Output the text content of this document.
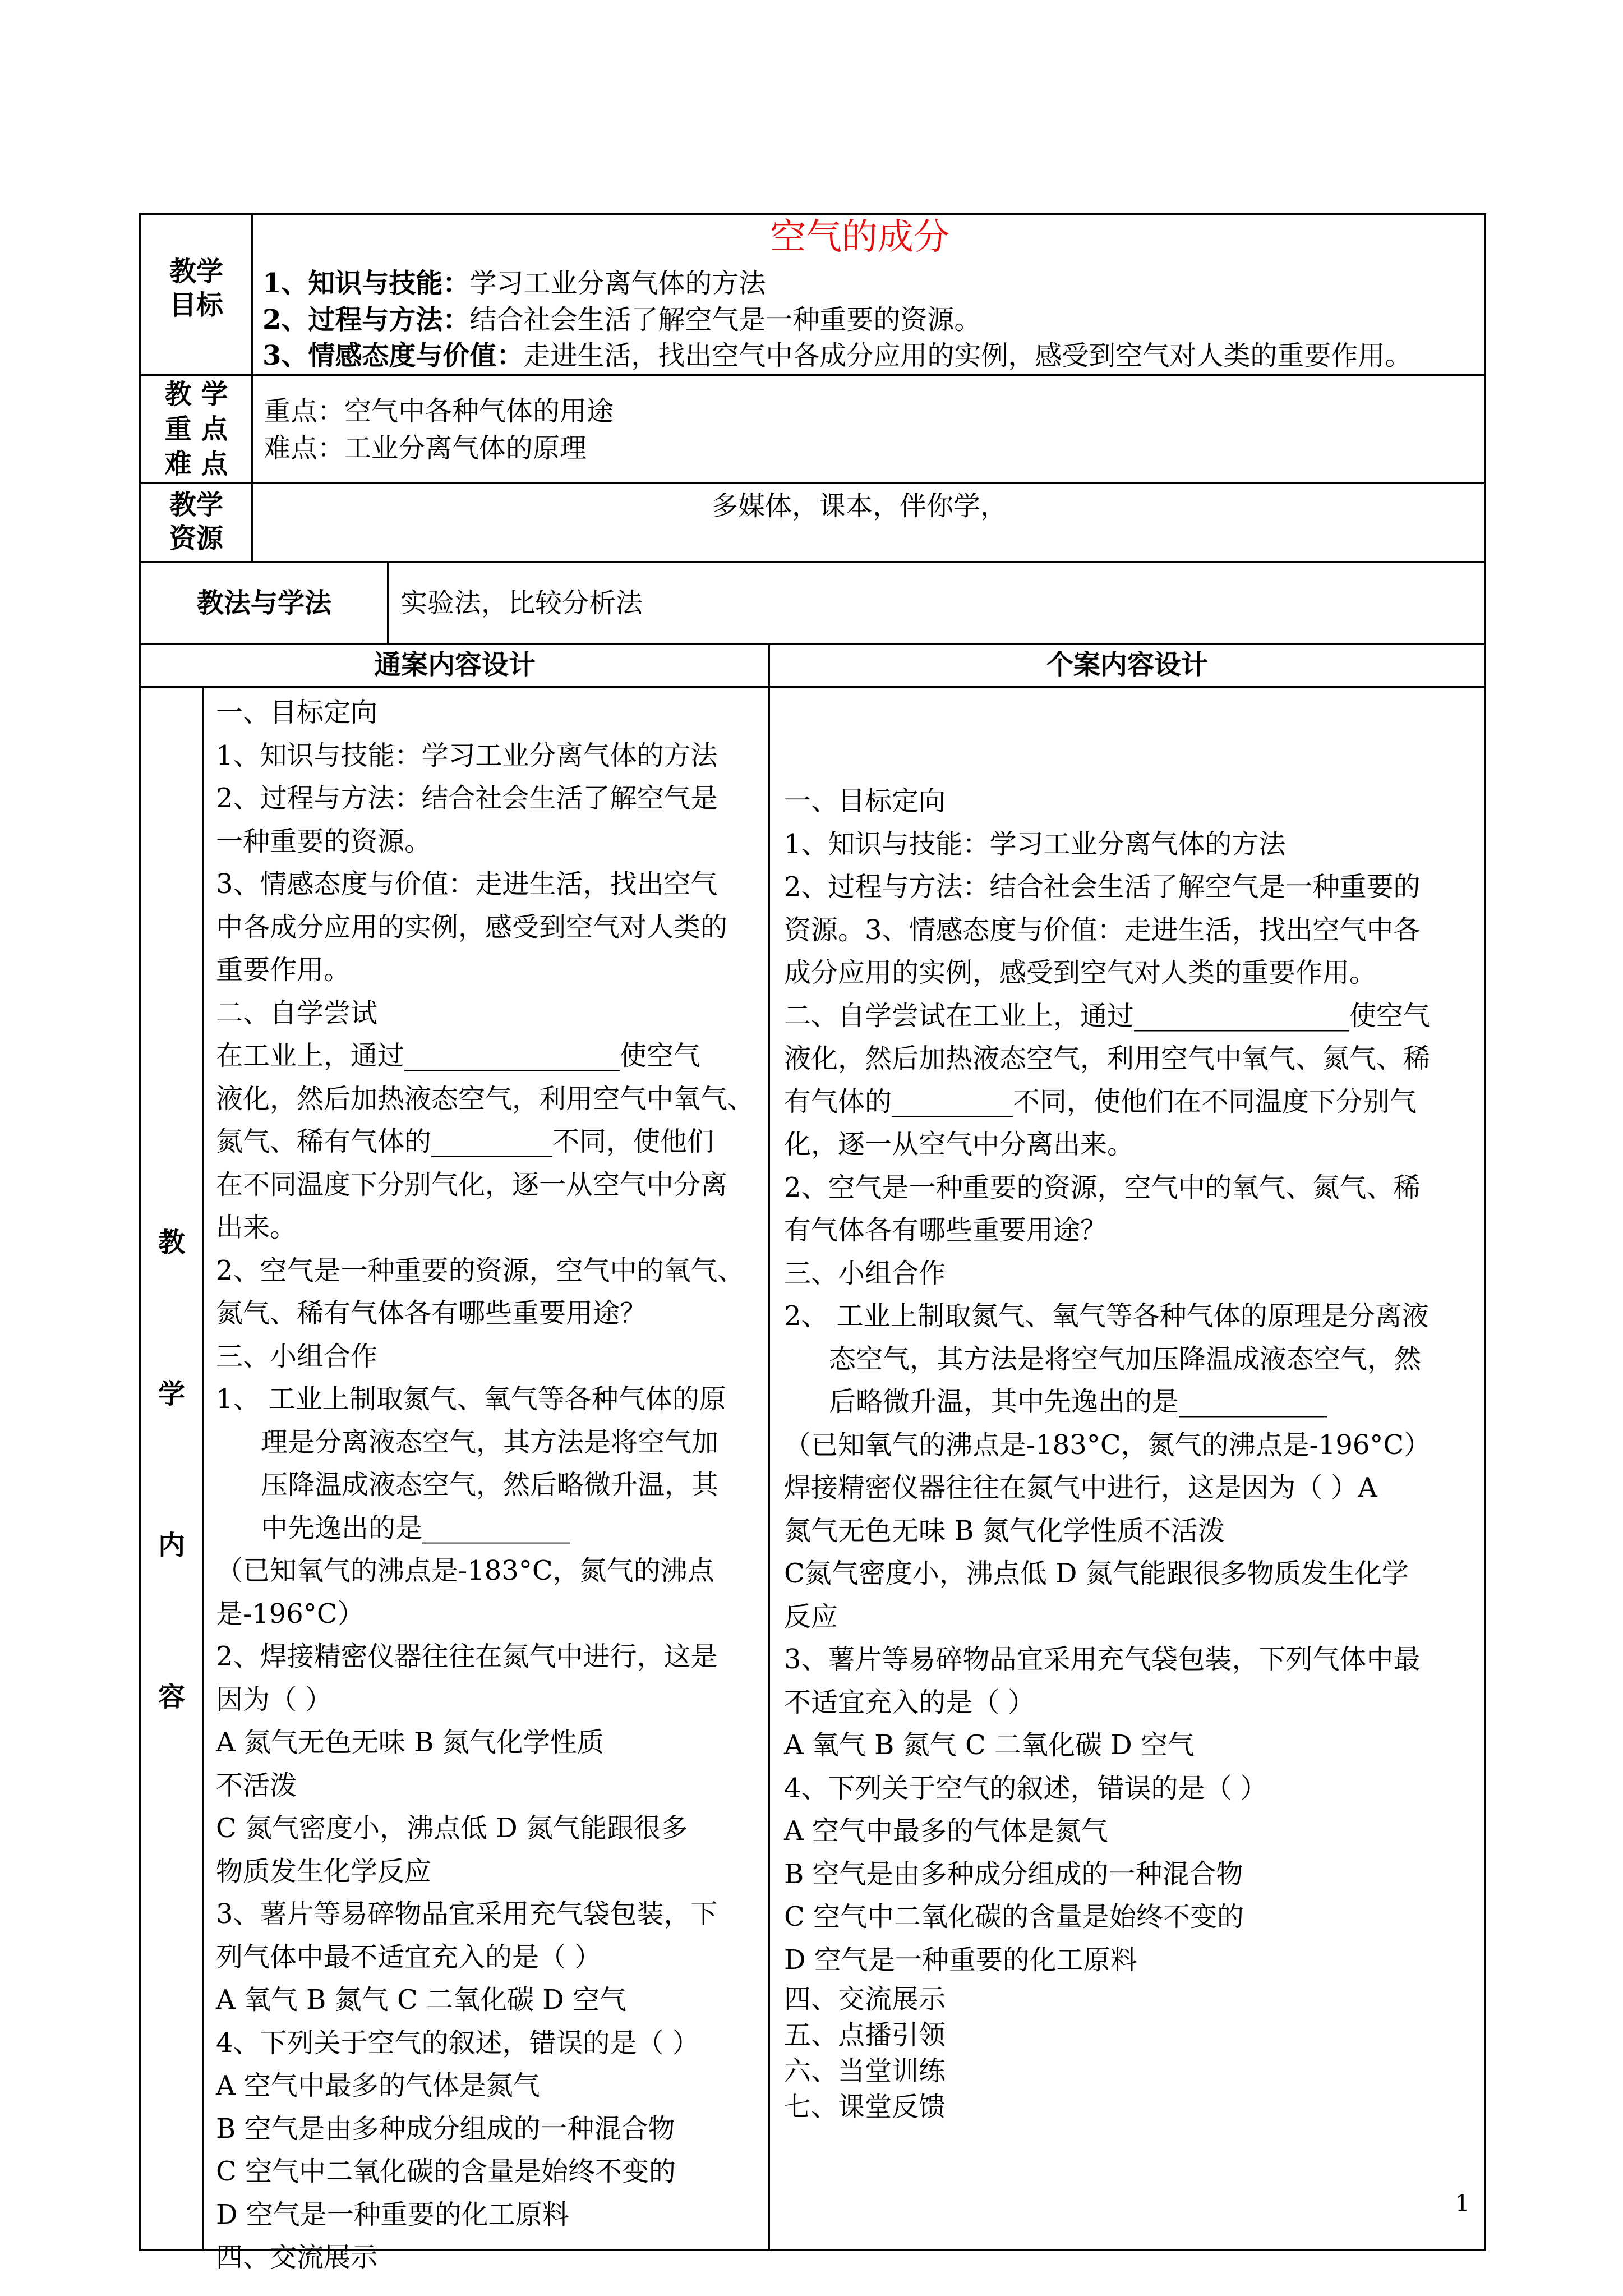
空气的成分
教学
目标
1、知识与技能：学习工业分离气体的方法
2、过程与方法：结合社会生活了解空气是一种重要的资源。
3、情感态度与价值：走进生活，找出空气中各成分应用的实例，感受到空气对人类的重要作用。
教 学
重 点
难 点
重点：空气中各种气体的用途
难点：工业分离气体的原理
教学
资源
多媒体，课本，伴你学，
教法与学法	实验法，比较分析法
通案内容设计	个案内容设计
教
学
内
容
一、目标定向
1、知识与技能：学习工业分离气体的方法
2、过程与方法：结合社会生活了解空气是
一种重要的资源。
3、情感态度与价值：走进生活，找出空气
中各成分应用的实例，感受到空气对人类的
重要作用。
二、自学尝试
在工业上，通过________________使空气
液化，然后加热液态空气，利用空气中氧气、
氮气、稀有气体的_________不同，使他们
在不同温度下分别气化，逐一从空气中分离
出来。
2、空气是一种重要的资源，空气中的氧气、
氮气、稀有气体各有哪些重要用途？
三、小组合作
1、 工业上制取氮气、氧气等各种气体的原
理是分离液态空气，其方法是将空气加
压降温成液态空气，然后略微升温，其
中先逸出的是___________
（已知氧气的沸点是-183°C，氮气的沸点
是-196°C）
2、焊接精密仪器往往在氮气中进行，这是
因为（ ）
A 氮气无色无味 B 氮气化学性质
不活泼
C 氮气密度小，沸点低 D 氮气能跟很多
物质发生化学反应
3、薯片等易碎物品宜采用充气袋包装，下
列气体中最不适宜充入的是（ ）
A 氧气 B 氮气 C 二氧化碳 D 空气
4、下列关于空气的叙述，错误的是（ ）
A 空气中最多的气体是氮气
B 空气是由多种成分组成的一种混合物
C 空气中二氧化碳的含量是始终不变的
D 空气是一种重要的化工原料
四、交流展示
一、目标定向
1、知识与技能：学习工业分离气体的方法
2、过程与方法：结合社会生活了解空气是一种重要的
资源。3、情感态度与价值：走进生活，找出空气中各
成分应用的实例，感受到空气对人类的重要作用。
二、自学尝试在工业上，通过________________使空气
液化，然后加热液态空气，利用空气中氧气、氮气、稀
有气体的_________不同，使他们在不同温度下分别气
化，逐一从空气中分离出来。
2、空气是一种重要的资源，空气中的氧气、氮气、稀
有气体各有哪些重要用途？
三、小组合作
2、 工业上制取氮气、氧气等各种气体的原理是分离液
态空气，其方法是将空气加压降温成液态空气，然
后略微升温，其中先逸出的是___________
（已知氧气的沸点是-183°C，氮气的沸点是-196°C）
焊接精密仪器往往在氮气中进行，这是因为（ ）A
氮气无色无味 B 氮气化学性质不活泼
C氮气密度小，沸点低 D 氮气能跟很多物质发生化学
反应
3、薯片等易碎物品宜采用充气袋包装，下列气体中最
不适宜充入的是（ ）
A 氧气 B 氮气 C 二氧化碳 D 空气
4、下列关于空气的叙述，错误的是（ ）
A 空气中最多的气体是氮气
B 空气是由多种成分组成的一种混合物
C 空气中二氧化碳的含量是始终不变的
D 空气是一种重要的化工原料
四、交流展示
五、点播引领
六、当堂训练
七、课堂反馈
1
